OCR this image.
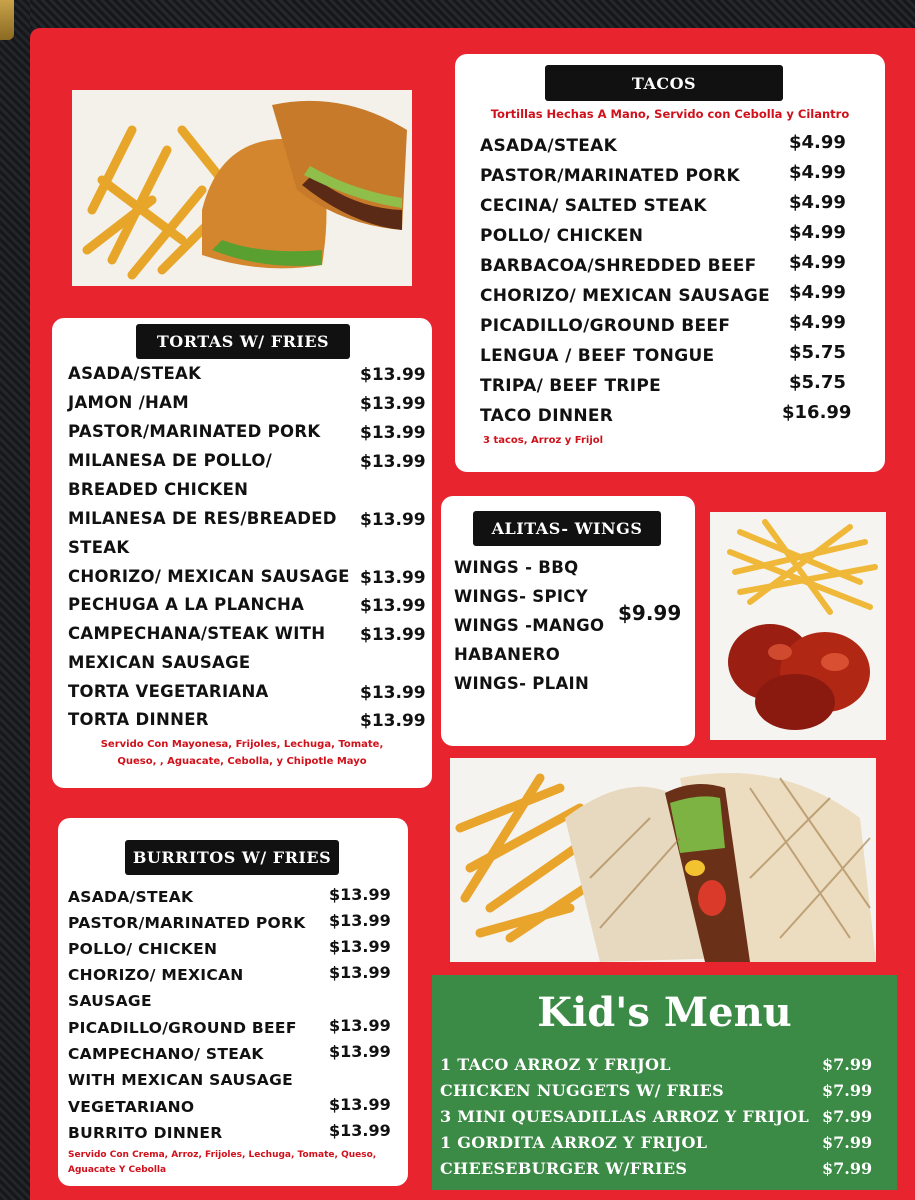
TACOS
Tortillas Hechas A Mano, Servido con Cebolla y Cilantro
ASADA/STEAK	$4.99
PASTOR/MARINATED PORK	$4.99
CECINA/ SALTED STEAK	$4.99
POLLO/ CHICKEN	$4.99
BARBACOA/SHREDDED BEEF $4.99
CHORIZO/ MEXICAN SAUSAGE $4.99
PICADILLO/GROUND BEEF	$4.99
LENGUA / BEEF TONGUE	$5.75
TRIPA/ BEEF TRIPE	$5.75
TACO DINNER	$16.99
3 tacos, Arroz y Frijol
TORTAS W/ FRIES
ASADA/STEAK	$13.99
JAMON /HAM	$13.99
PASTOR/MARINATED PORK $13.99
MILANESA DE POLLO/
BREADED CHICKEN
$13.99
MILANESA DE RES/BREADED
STEAK
$13.99
CHORIZO/ MEXICAN SAUSAGE $13.99
PECHUGA A LA PLANCHA	$13.99
CAMPECHANA/STEAK WITH
MEXICAN SAUSAGE
$13.99
TORTA VEGETARIANA	$13.99
TORTA DINNER	$13.99
Servido Con Mayonesa, Frijoles, Lechuga, Tomate,
Queso, , Aguacate, Cebolla, y Chipotle Mayo
ALITAS- WINGS
WINGS - BBQ
WINGS- SPICY
WINGS -MANGO
HABANERO
WINGS- PLAIN
$9.99
BURRITOS W/ FRIES
ASADA/STEAK	$13.99
PASTOR/MARINATED PORK $13.99
POLLO/ CHICKEN	$13.99
CHORIZO/ MEXICAN
SAUSAGE
$13.99
PICADILLO/GROUND BEEF $13.99
CAMPECHANO/ STEAK
WITH MEXICAN SAUSAGE
$13.99
VEGETARIANO	$13.99
BURRITO DINNER	$13.99
Servido Con Crema, Arroz, Frijoles, Lechuga, Tomate, Queso,
Aguacate Y Cebolla
Kid's Menu
1 TACO ARROZ Y FRIJOL	$7.99
CHICKEN NUGGETS W/ FRIES	$7.99
3 MINI QUESADILLAS ARROZ Y FRIJOL $7.99
1 GORDITA ARROZ Y FRIJOL	$7.99
CHEESEBURGER W/FRIES	$7.99
